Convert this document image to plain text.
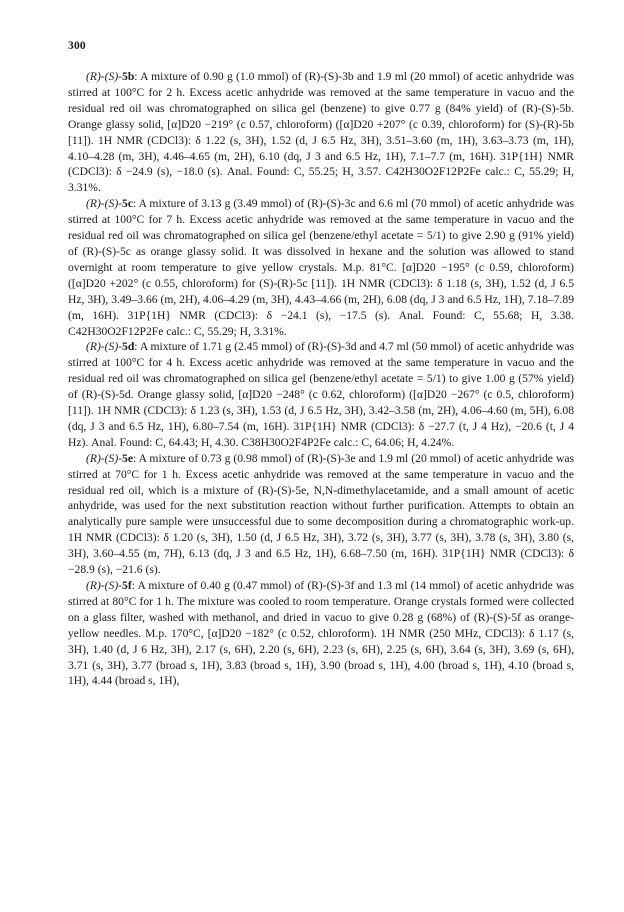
300

(R)-(S)-5b: A mixture of 0.90 g (1.0 mmol) of (R)-(S)-3b and 1.9 ml (20 mmol) of acetic anhydride was stirred at 100°C for 2 h. Excess acetic anhydride was removed at the same temperature in vacuo and the residual red oil was chromatographed on silica gel (benzene) to give 0.77 g (84% yield) of (R)-(S)-5b. Orange glassy solid, [α]D20 −219° (c 0.57, chloroform) ([α]D20 +207° (c 0.39, chloroform) for (S)-(R)-5b [11]). 1H NMR (CDCl3): δ 1.22 (s, 3H), 1.52 (d, J 6.5 Hz, 3H), 3.51–3.60 (m, 1H), 3.63–3.73 (m, 1H), 4.10–4.28 (m, 3H), 4.46–4.65 (m, 2H), 6.10 (dq, J 3 and 6.5 Hz, 1H), 7.1–7.7 (m, 16H). 31P{1H} NMR (CDCl3): δ −24.9 (s), −18.0 (s). Anal. Found: C, 55.25; H, 3.57. C42H30O2F12P2Fe calc.: C, 55.29; H, 3.31%.

(R)-(S)-5c: A mixture of 3.13 g (3.49 mmol) of (R)-(S)-3c and 6.6 ml (70 mmol) of acetic anhydride was stirred at 100°C for 7 h. Excess acetic anhydride was removed at the same temperature in vacuo and the residual red oil was chromatographed on silica gel (benzene/ethyl acetate = 5/1) to give 2.90 g (91% yield) of (R)-(S)-5c as orange glassy solid. It was dissolved in hexane and the solution was allowed to stand overnight at room temperature to give yellow crystals. M.p. 81°C. [α]D20 −195° (c 0.59, chloroform) ([α]D20 +202° (c 0.55, chloroform) for (S)-(R)-5c [11]). 1H NMR (CDCl3): δ 1.18 (s, 3H), 1.52 (d, J 6.5 Hz, 3H), 3.49–3.66 (m, 2H), 4.06–4.29 (m, 3H), 4.43–4.66 (m, 2H), 6.08 (dq, J 3 and 6.5 Hz, 1H), 7.18–7.89 (m, 16H). 31P{1H} NMR (CDCl3): δ −24.1 (s), −17.5 (s). Anal. Found: C, 55.68; H, 3.38. C42H30O2F12P2Fe calc.: C, 55.29; H, 3.31%.

(R)-(S)-5d: A mixture of 1.71 g (2.45 mmol) of (R)-(S)-3d and 4.7 ml (50 mmol) of acetic anhydride was stirred at 100°C for 4 h. Excess acetic anhydride was removed at the same temperature in vacuo and the residual red oil was chromatographed on silica gel (benzene/ethyl acetate = 5/1) to give 1.00 g (57% yield) of (R)-(S)-5d. Orange glassy solid, [α]D20 −248° (c 0.62, chloroform) ([α]D20 −267° (c 0.5, chloroform) [11]). 1H NMR (CDCl3): δ 1.23 (s, 3H), 1.53 (d, J 6.5 Hz, 3H), 3.42–3.58 (m, 2H), 4.06–4.60 (m, 5H), 6.08 (dq, J 3 and 6.5 Hz, 1H), 6.80–7.54 (m, 16H). 31P{1H} NMR (CDCl3): δ −27.7 (t, J 4 Hz), −20.6 (t, J 4 Hz). Anal. Found: C, 64.43; H, 4.30. C38H30O2F4P2Fe calc.: C, 64.06; H, 4.24%.

(R)-(S)-5e: A mixture of 0.73 g (0.98 mmol) of (R)-(S)-3e and 1.9 ml (20 mmol) of acetic anhydride was stirred at 70°C for 1 h. Excess acetic anhydride was removed at the same temperature in vacuo and the residual red oil, which is a mixture of (R)-(S)-5e, N,N-dimethylacetamide, and a small amount of acetic anhydride, was used for the next substitution reaction without further purification. Attempts to obtain an analytically pure sample were unsuccessful due to some decomposition during a chromatographic work-up. 1H NMR (CDCl3): δ 1.20 (s, 3H), 1.50 (d, J 6.5 Hz, 3H), 3.72 (s, 3H), 3.77 (s, 3H), 3.78 (s, 3H), 3.80 (s, 3H), 3.60–4.55 (m, 7H), 6.13 (dq, J 3 and 6.5 Hz, 1H), 6.68–7.50 (m, 16H). 31P{1H} NMR (CDCl3): δ −28.9 (s), −21.6 (s).

(R)-(S)-5f: A mixture of 0.40 g (0.47 mmol) of (R)-(S)-3f and 1.3 ml (14 mmol) of acetic anhydride was stirred at 80°C for 1 h. The mixture was cooled to room temperature. Orange crystals formed were collected on a glass filter, washed with methanol, and dried in vacuo to give 0.28 g (68%) of (R)-(S)-5f as orange-yellow needles. M.p. 170°C, [α]D20 −182° (c 0.52, chloroform). 1H NMR (250 MHz, CDCl3): δ 1.17 (s, 3H), 1.40 (d, J 6 Hz, 3H), 2.17 (s, 6H), 2.20 (s, 6H), 2.23 (s, 6H), 2.25 (s, 6H), 3.64 (s, 3H), 3.69 (s, 6H), 3.71 (s, 3H), 3.77 (broad s, 1H), 3.83 (broad s, 1H), 3.90 (broad s, 1H), 4.00 (broad s, 1H), 4.10 (broad s, 1H), 4.44 (broad s, 1H),
